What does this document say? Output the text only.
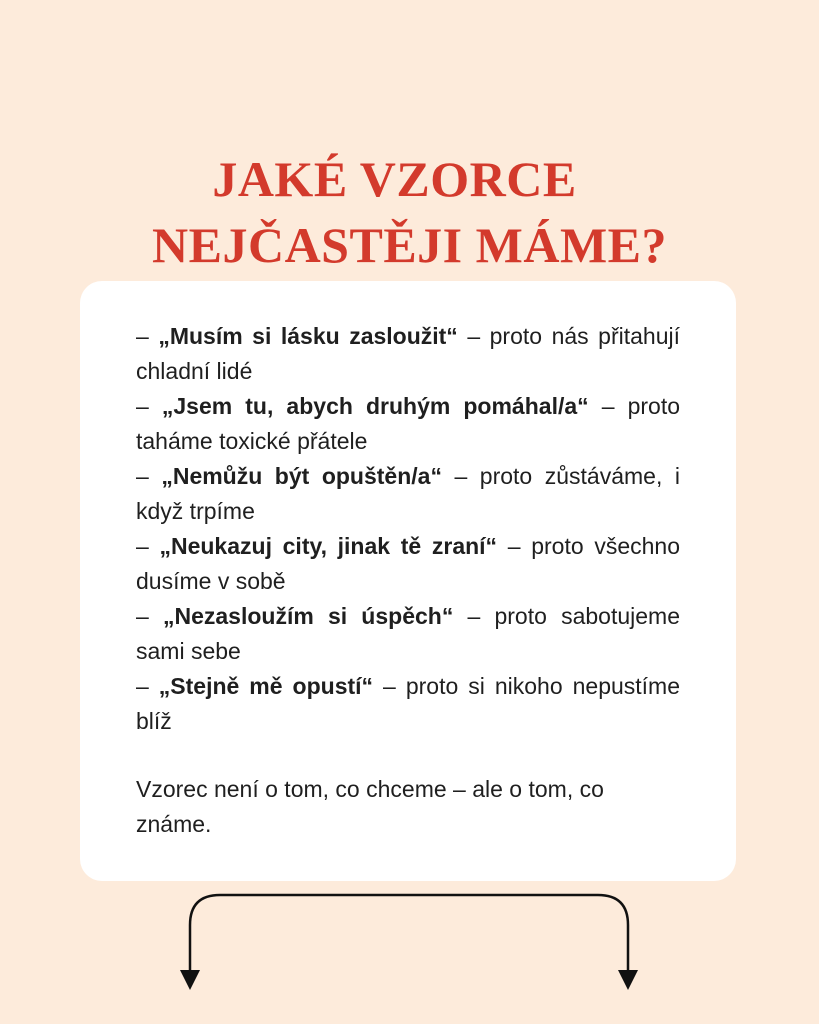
JAKÉ VZORCE
NEJČASTĚJI MÁME?
– „Musím si lásku zasloužit“ – proto nás přitahují chladní lidé
– „Jsem tu, abych druhým pomáhal/a“ – proto taháme toxické přátele
– „Nemůžu být opuštěn/a“ – proto zůstáváme, i když trpíme
– „Neukazuj city, jinak tě zraní“ – proto všechno dusíme v sobě
– „Nezasloužím si úspěch“ – proto sabotujeme sami sebe
– „Stejně mě opustí“ – proto si nikoho nepustíme blíž

Vzorec není o tom, co chceme – ale o tom, co známe.
